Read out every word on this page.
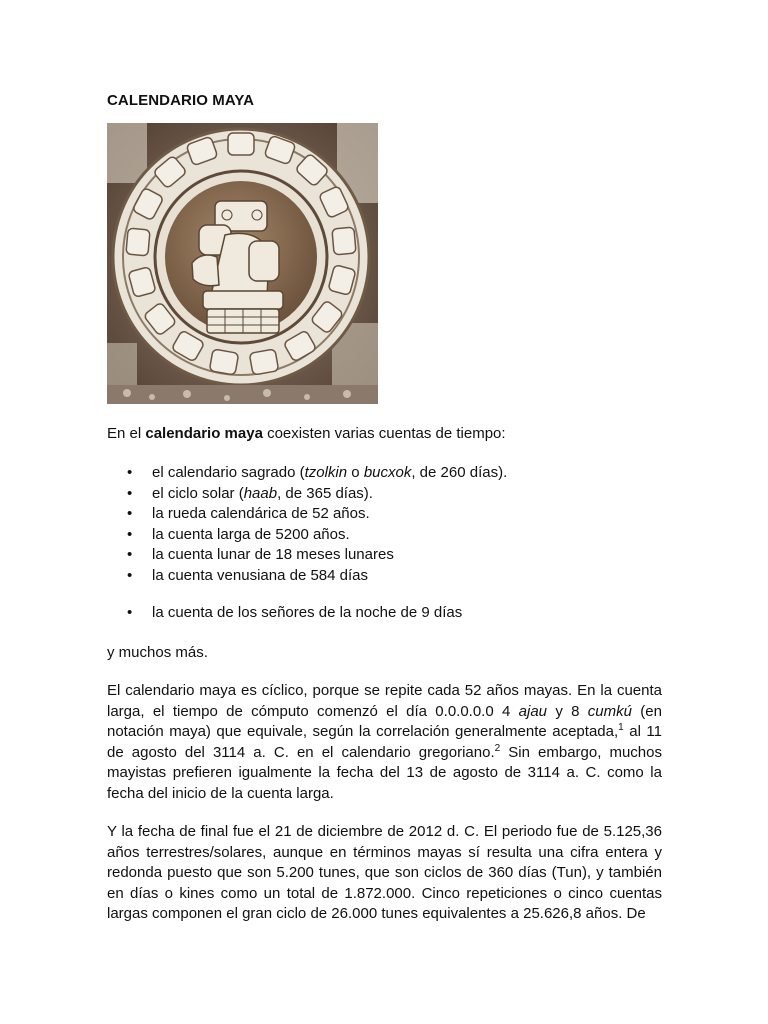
CALENDARIO MAYA
En el calendario maya coexisten varias cuentas de tiempo:
• el calendario sagrado (tzolkin o bucxok, de 260 días).
• el ciclo solar (haab, de 365 días).
• la rueda calendárica de 52 años.
• la cuenta larga de 5200 años.
• la cuenta lunar de 18 meses lunares
• la cuenta venusiana de 584 días
• la cuenta de los señores de la noche de 9 días
y muchos más.

El calendario maya es cíclico, porque se repite cada 52 años mayas. En la cuenta larga, el tiempo de cómputo comenzó el día 0.0.0.0.0 4 ajau y 8 cumkú (en notación maya) que equivale, según la correlación generalmente aceptada,$^1$ al 11 de agosto del 3114 a. C. en el calendario gregoriano.$^2$ Sin embargo, muchos mayistas prefieren igualmente la fecha del 13 de agosto de 3114 a. C. como la fecha del inicio de la cuenta larga.

Y la fecha de final fue el 21 de diciembre de 2012 d. C. El periodo fue de 5.125,36 años terrestres/solares, aunque en términos mayas sí resulta una cifra entera y redonda puesto que son 5.200 tunes, que son ciclos de 360 días (Tun), y también en días o kines como un total de 1.872.000. Cinco repeticiones o cinco cuentas largas componen el gran ciclo de 26.000 tunes equivalentes a 25.626,8 años. De
